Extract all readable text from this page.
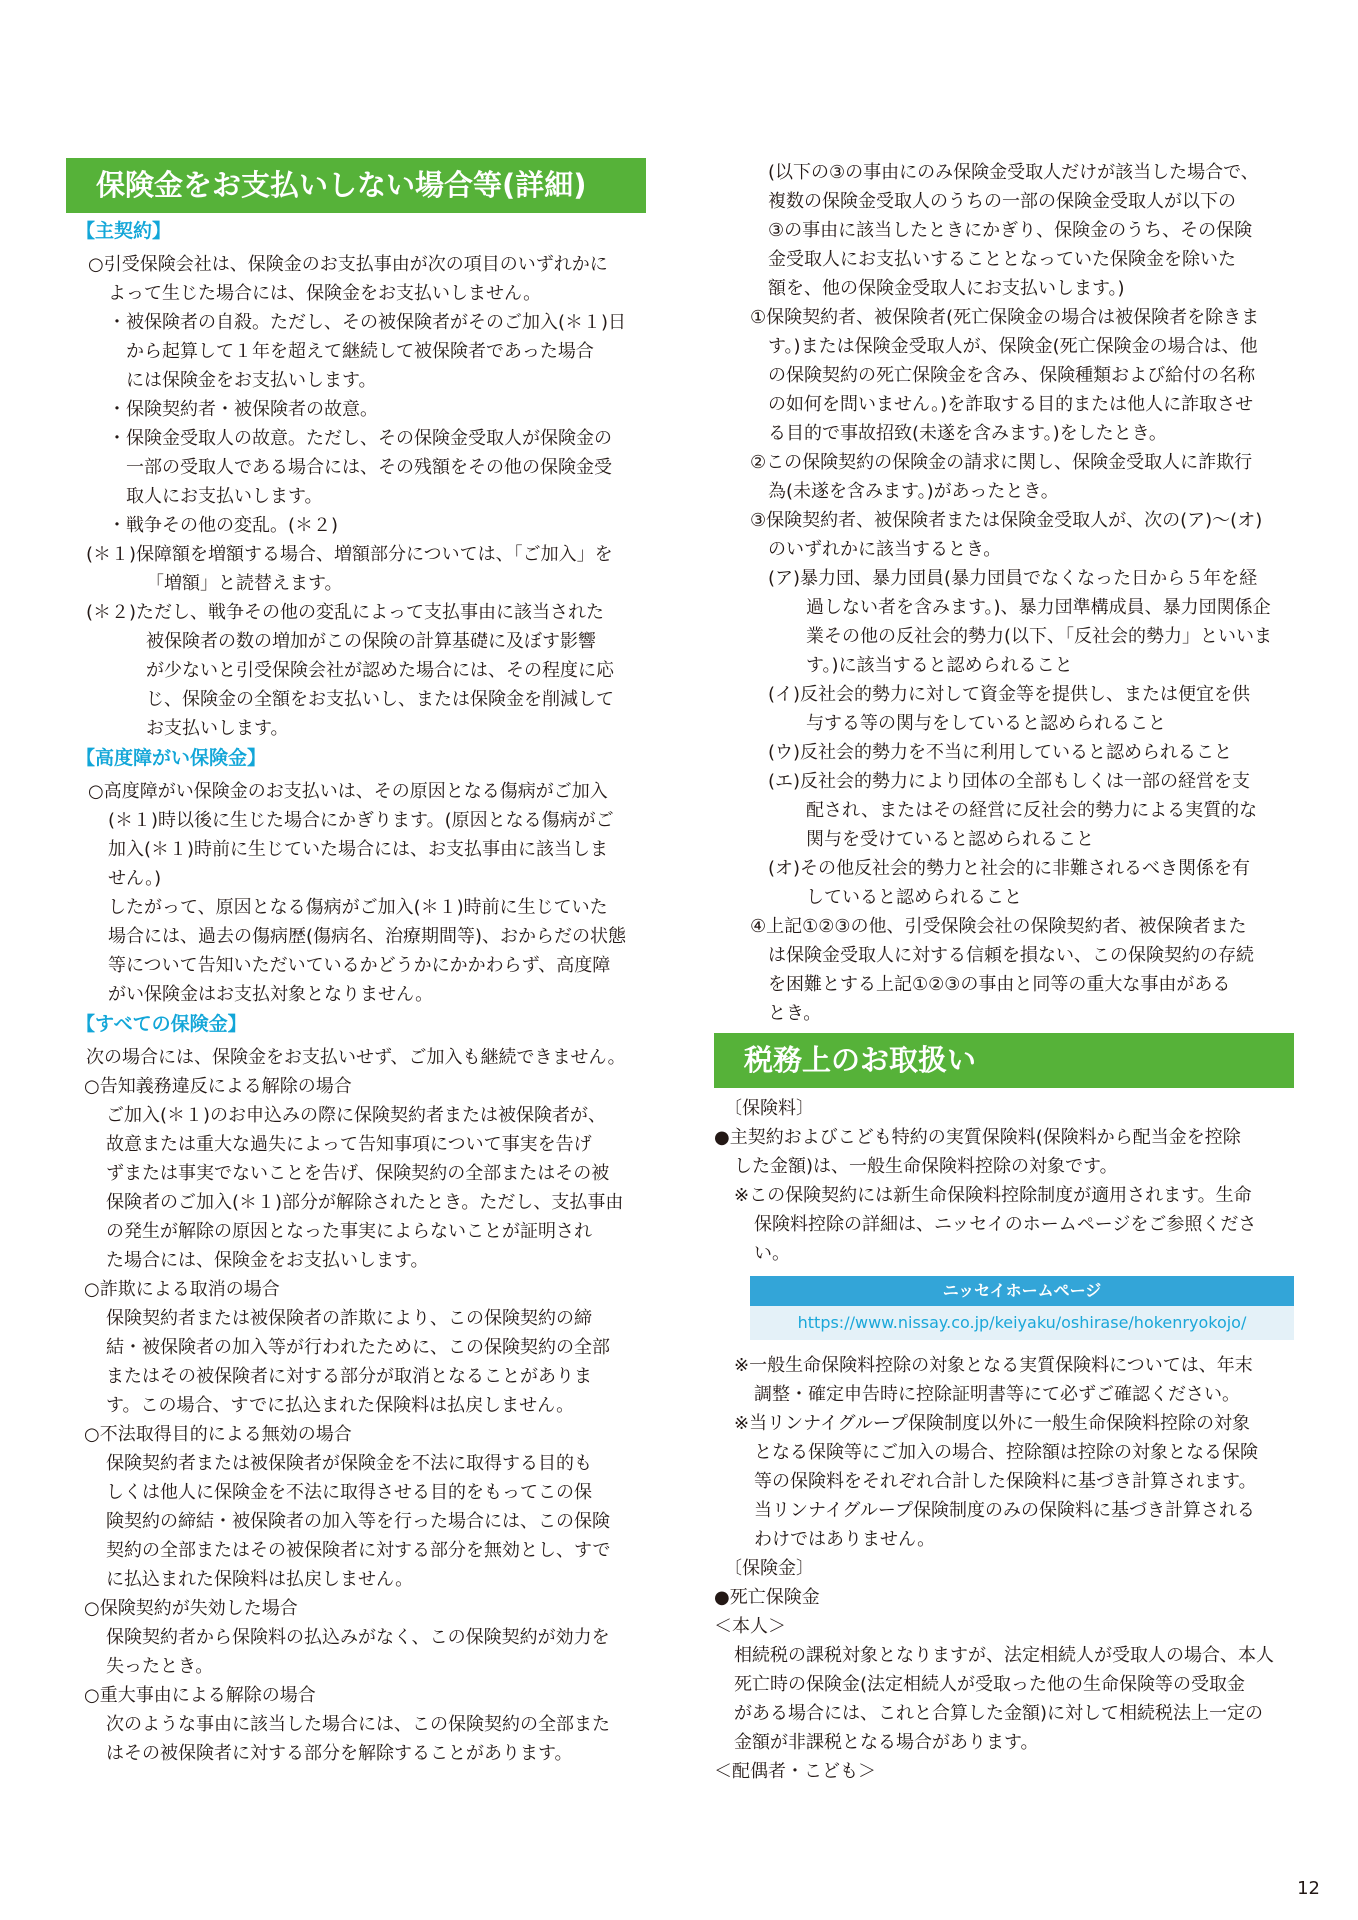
保険金をお支払いしない場合等(詳細)
【主契約】
○引受保険会社は、保険金のお支払事由が次の項目のいずれかに
よって生じた場合には、保険金をお支払いしません。
・被保険者の自殺。ただし、その被保険者がそのご加入(＊１)日
から起算して１年を超えて継続して被保険者であった場合
には保険金をお支払いします。
・保険契約者・被保険者の故意。
・保険金受取人の故意。ただし、その保険金受取人が保険金の
一部の受取人である場合には、その残額をその他の保険金受
取人にお支払いします。
・戦争その他の変乱。(＊２)
(＊１)保障額を増額する場合、増額部分については、「ご加入」を
「増額」と読替えます。
(＊２)ただし、戦争その他の変乱によって支払事由に該当された
被保険者の数の増加がこの保険の計算基礎に及ぼす影響
が少ないと引受保険会社が認めた場合には、その程度に応
じ、保険金の全額をお支払いし、または保険金を削減して
お支払いします。
【高度障がい保険金】
○高度障がい保険金のお支払いは、その原因となる傷病がご加入
(＊１)時以後に生じた場合にかぎります。(原因となる傷病がご
加入(＊１)時前に生じていた場合には、お支払事由に該当しま
せん。)
したがって、原因となる傷病がご加入(＊１)時前に生じていた
場合には、過去の傷病歴(傷病名、治療期間等)、おからだの状態
等について告知いただいているかどうかにかかわらず、高度障
がい保険金はお支払対象となりません。
【すべての保険金】
次の場合には、保険金をお支払いせず、ご加入も継続できません。
○告知義務違反による解除の場合
ご加入(＊１)のお申込みの際に保険契約者または被保険者が、
故意または重大な過失によって告知事項について事実を告げ
ずまたは事実でないことを告げ、保険契約の全部またはその被
保険者のご加入(＊１)部分が解除されたとき。ただし、支払事由
の発生が解除の原因となった事実によらないことが証明され
た場合には、保険金をお支払いします。
○詐欺による取消の場合
保険契約者または被保険者の詐欺により、この保険契約の締
結・被保険者の加入等が行われたために、この保険契約の全部
またはその被保険者に対する部分が取消となることがありま
す。この場合、すでに払込まれた保険料は払戻しません。
○不法取得目的による無効の場合
保険契約者または被保険者が保険金を不法に取得する目的も
しくは他人に保険金を不法に取得させる目的をもってこの保
険契約の締結・被保険者の加入等を行った場合には、この保険
契約の全部またはその被保険者に対する部分を無効とし、すで
に払込まれた保険料は払戻しません。
○保険契約が失効した場合
保険契約者から保険料の払込みがなく、この保険契約が効力を
失ったとき。
○重大事由による解除の場合
次のような事由に該当した場合には、この保険契約の全部また
はその被保険者に対する部分を解除することがあります。
(以下の③の事由にのみ保険金受取人だけが該当した場合で、
複数の保険金受取人のうちの一部の保険金受取人が以下の
③の事由に該当したときにかぎり、保険金のうち、その保険
金受取人にお支払いすることとなっていた保険金を除いた
額を、他の保険金受取人にお支払いします。)
①保険契約者、被保険者(死亡保険金の場合は被保険者を除きま
す。)または保険金受取人が、保険金(死亡保険金の場合は、他
の保険契約の死亡保険金を含み、保険種類および給付の名称
の如何を問いません。)を詐取する目的または他人に詐取させ
る目的で事故招致(未遂を含みます。)をしたとき。
②この保険契約の保険金の請求に関し、保険金受取人に詐欺行
為(未遂を含みます。)があったとき。
③保険契約者、被保険者または保険金受取人が、次の(ア)〜(オ)
のいずれかに該当するとき。
(ア)暴力団、暴力団員(暴力団員でなくなった日から５年を経
過しない者を含みます。)、暴力団準構成員、暴力団関係企
業その他の反社会的勢力(以下、「反社会的勢力」といいま
す。)に該当すると認められること
(イ)反社会的勢力に対して資金等を提供し、または便宜を供
与する等の関与をしていると認められること
(ウ)反社会的勢力を不当に利用していると認められること
(エ)反社会的勢力により団体の全部もしくは一部の経営を支
配され、またはその経営に反社会的勢力による実質的な
関与を受けていると認められること
(オ)その他反社会的勢力と社会的に非難されるべき関係を有
していると認められること
④上記①②③の他、引受保険会社の保険契約者、被保険者また
は保険金受取人に対する信頼を損ない、この保険契約の存続
を困難とする上記①②③の事由と同等の重大な事由がある
とき。
税務上のお取扱い
〔保険料〕
●主契約およびこども特約の実質保険料(保険料から配当金を控除
した金額)は、一般生命保険料控除の対象です。
※この保険契約には新生命保険料控除制度が適用されます。生命
保険料控除の詳細は、ニッセイのホームページをご参照くださ
い。
ニッセイホームページ
https://www.nissay.co.jp/keiyaku/oshirase/hokenryokojo/
※一般生命保険料控除の対象となる実質保険料については、年末
調整・確定申告時に控除証明書等にて必ずご確認ください。
※当リンナイグループ保険制度以外に一般生命保険料控除の対象
となる保険等にご加入の場合、控除額は控除の対象となる保険
等の保険料をそれぞれ合計した保険料に基づき計算されます。
当リンナイグループ保険制度のみの保険料に基づき計算される
わけではありません。
〔保険金〕
●死亡保険金
＜本人＞
相続税の課税対象となりますが、法定相続人が受取人の場合、本人
死亡時の保険金(法定相続人が受取った他の生命保険等の受取金
がある場合には、これと合算した金額)に対して相続税法上一定の
金額が非課税となる場合があります。
＜配偶者・こども＞
12
